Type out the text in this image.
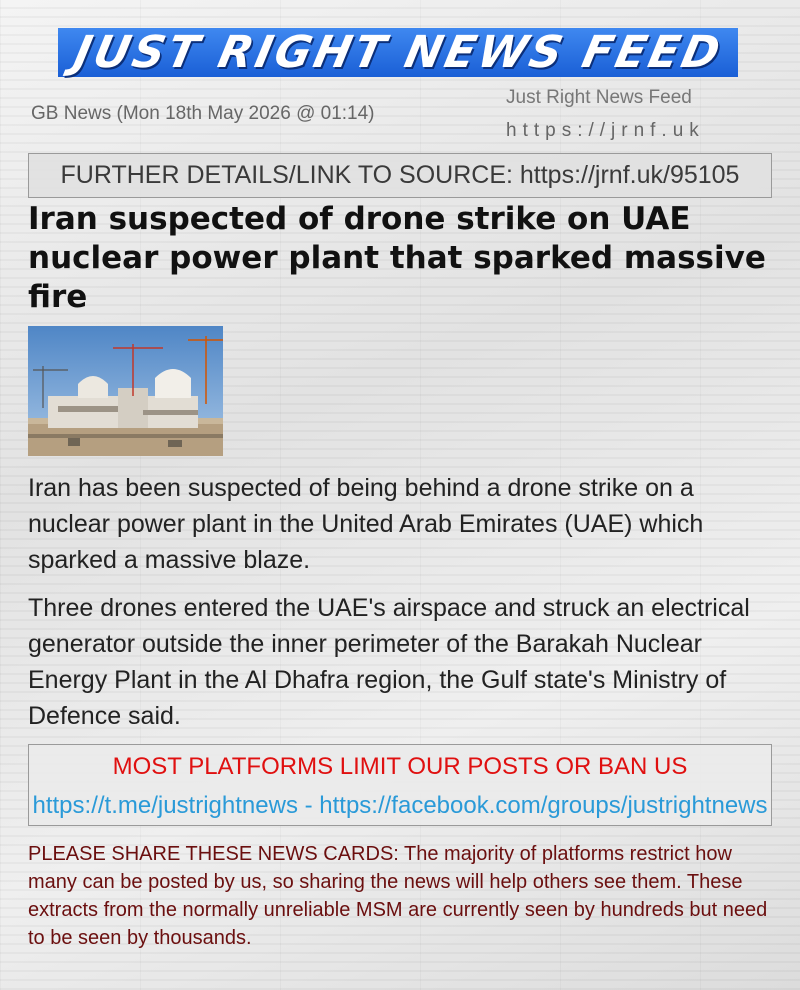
JUST RIGHT NEWS FEED
GB News (Mon 18th May 2026 @ 01:14)
Just Right News Feed
https://jrnf.uk
FURTHER DETAILS/LINK TO SOURCE: https://jrnf.uk/95105
Iran suspected of drone strike on UAE nuclear power plant that sparked massive fire

Iran has been suspected of being behind a drone strike on a nuclear power plant in the United Arab Emirates (UAE) which sparked a massive blaze.

Three drones entered the UAE's airspace and struck an electrical generator outside the inner perimeter of the Barakah Nuclear Energy Plant in the Al Dhafra region, the Gulf state's Ministry of Defence said.

MOST PLATFORMS LIMIT OUR POSTS OR BAN US
https://t.me/justrightnews - https://facebook.com/groups/justrightnews
PLEASE SHARE THESE NEWS CARDS: The majority of platforms restrict how many can be posted by us, so sharing the news will help others see them. These extracts from the normally unreliable MSM are currently seen by hundreds but need to be seen by thousands.
